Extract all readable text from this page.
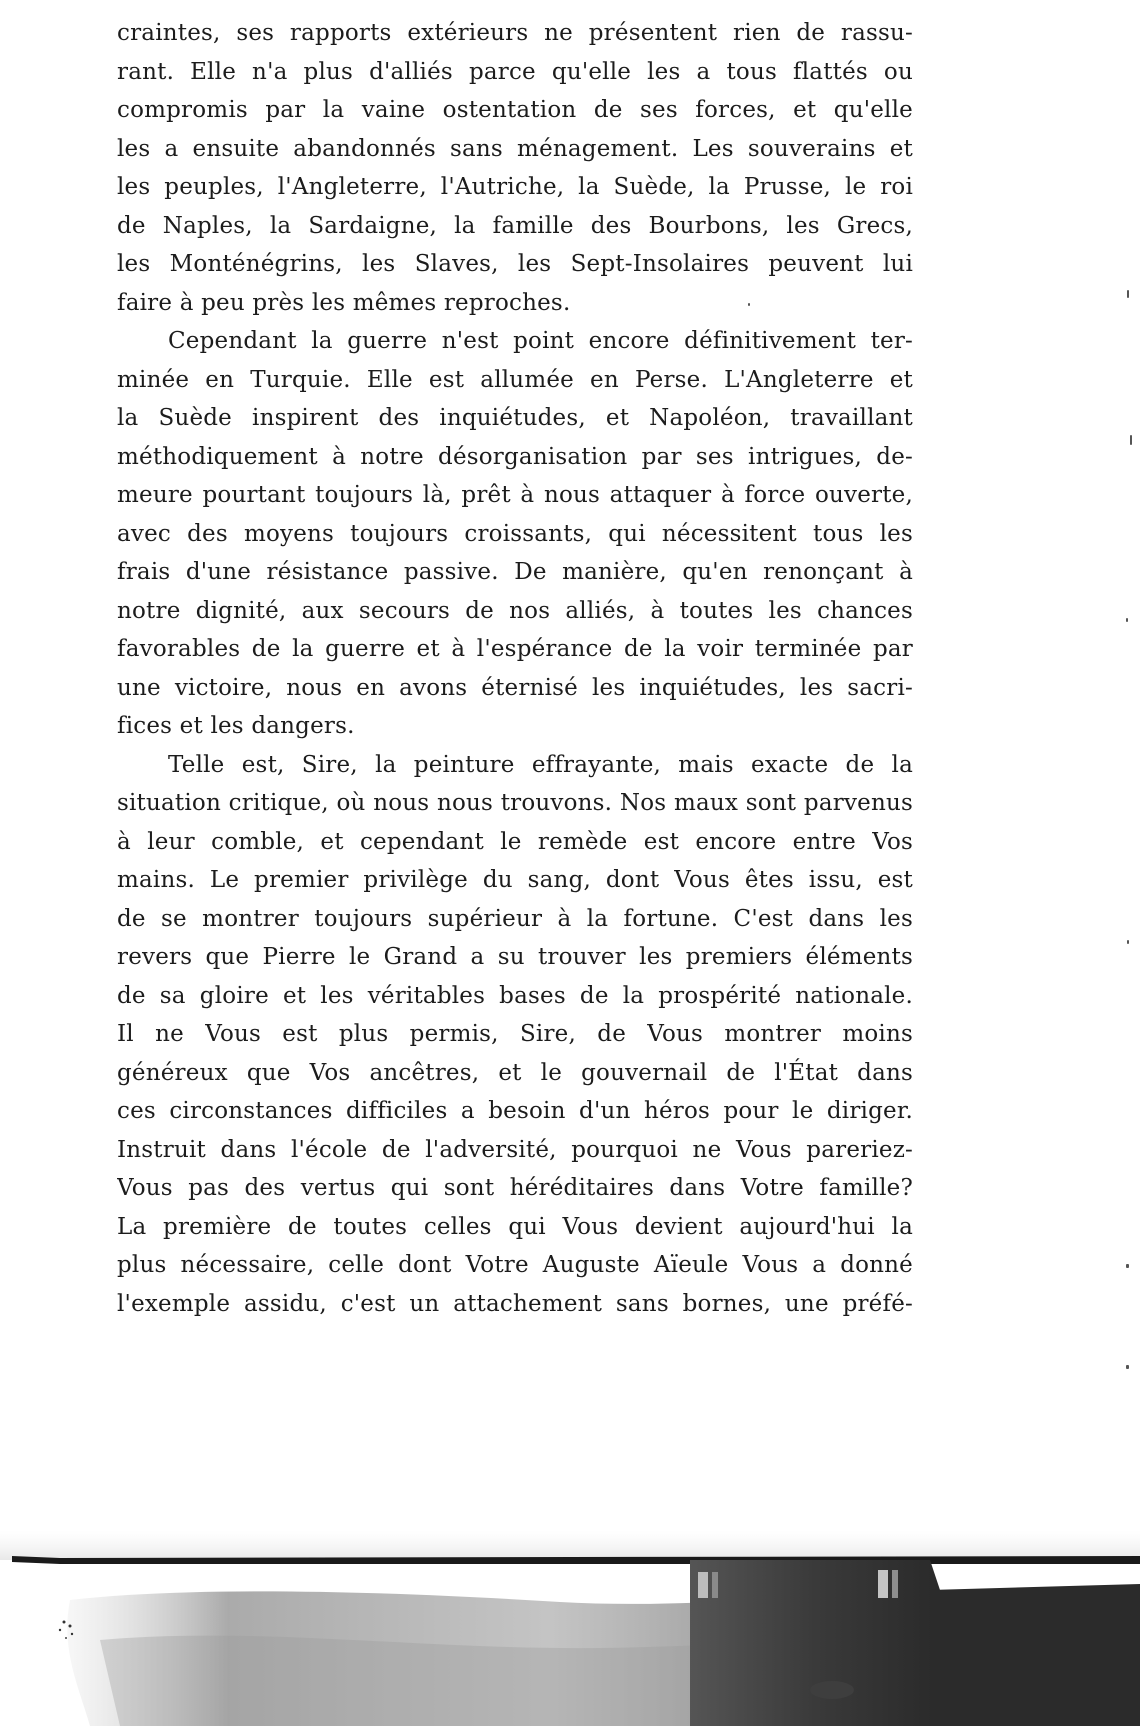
craintes, ses rapports extérieurs ne présentent rien de rassu-
rant. Elle n'a plus d'alliés parce qu'elle les a tous flattés ou
compromis par la vaine ostentation de ses forces, et qu'elle
les a ensuite abandonnés sans ménagement. Les souverains et
les peuples, l'Angleterre, l'Autriche, la Suède, la Prusse, le roi
de Naples, la Sardaigne, la famille des Bourbons, les Grecs,
les Monténégrins, les Slaves, les Sept-Insolaires peuvent lui
faire à peu près les mêmes reproches.
Cependant la guerre n'est point encore définitivement ter-
minée en Turquie. Elle est allumée en Perse. L'Angleterre et
la Suède inspirent des inquiétudes, et Napoléon, travaillant
méthodiquement à notre désorganisation par ses intrigues, de-
meure pourtant toujours là, prêt à nous attaquer à force ouverte,
avec des moyens toujours croissants, qui nécessitent tous les
frais d'une résistance passive. De manière, qu'en renonçant à
notre dignité, aux secours de nos alliés, à toutes les chances
favorables de la guerre et à l'espérance de la voir terminée par
une victoire, nous en avons éternisé les inquiétudes, les sacri-
fices et les dangers.
Telle est, Sire, la peinture effrayante, mais exacte de la
situation critique, où nous nous trouvons. Nos maux sont parvenus
à leur comble, et cependant le remède est encore entre Vos
mains. Le premier privilège du sang, dont Vous êtes issu, est
de se montrer toujours supérieur à la fortune. C'est dans les
revers que Pierre le Grand a su trouver les premiers éléments
de sa gloire et les véritables bases de la prospérité nationale.
Il ne Vous est plus permis, Sire, de Vous montrer moins
généreux que Vos ancêtres, et le gouvernail de l'État dans
ces circonstances difficiles a besoin d'un héros pour le diriger.
Instruit dans l'école de l'adversité, pourquoi ne Vous pareriez-
Vous pas des vertus qui sont héréditaires dans Votre famille?
La première de toutes celles qui Vous devient aujourd'hui la
plus nécessaire, celle dont Votre Auguste Aïeule Vous a donné
l'exemple assidu, c'est un attachement sans bornes, une préfé-
